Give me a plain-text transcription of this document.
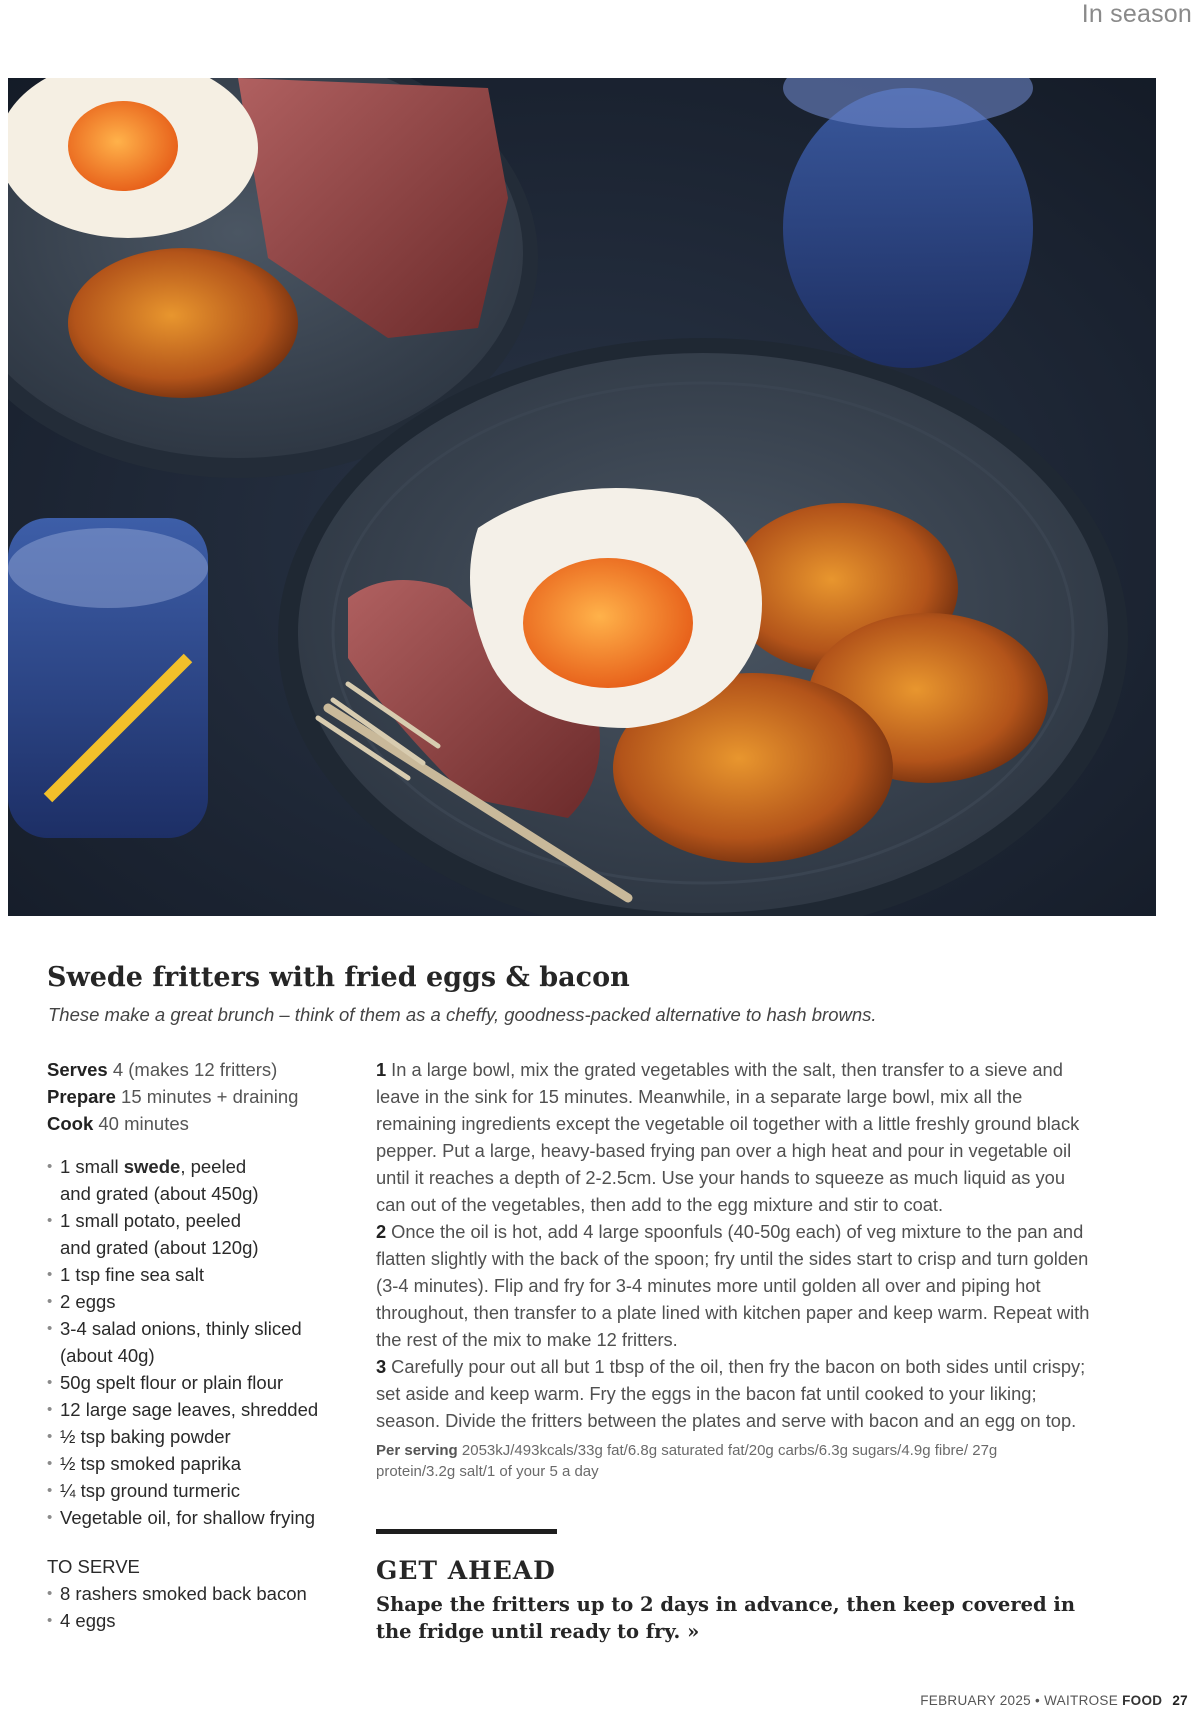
In season
Swede fritters with fried eggs & bacon
These make a great brunch – think of them as a cheffy, goodness-packed alternative to hash browns.
Serves 4 (makes 12 fritters)
Prepare 15 minutes + draining
Cook 40 minutes
• 1 small swede, peeled
and grated (about 450g)
• 1 small potato, peeled
and grated (about 120g)
• 1 tsp fine sea salt
• 2 eggs
• 3-4 salad onions, thinly sliced
(about 40g)
• 50g spelt flour or plain flour
• 12 large sage leaves, shredded
• ½ tsp baking powder
• ½ tsp smoked paprika
• ¼ tsp ground turmeric
• Vegetable oil, for shallow frying
TO SERVE
• 8 rashers smoked back bacon
• 4 eggs

1 In a large bowl, mix the grated vegetables with the salt, then transfer to a sieve and leave in the sink for 15 minutes. Meanwhile, in a separate large bowl, mix all the remaining ingredients except the vegetable oil together with a little freshly ground black pepper. Put a large, heavy-based frying pan over a high heat and pour in vegetable oil until it reaches a depth of 2-2.5cm. Use your hands to squeeze as much liquid as you can out of the vegetables, then add to the egg mixture and stir to coat.

2 Once the oil is hot, add 4 large spoonfuls (40-50g each) of veg mixture to the pan and flatten slightly with the back of the spoon; fry until the sides start to crisp and turn golden (3-4 minutes). Flip and fry for 3-4 minutes more until golden all over and piping hot throughout, then transfer to a plate lined with kitchen paper and keep warm. Repeat with the rest of the mix to make 12 fritters.

3 Carefully pour out all but 1 tbsp of the oil, then fry the bacon on both sides until crispy; set aside and keep warm. Fry the eggs in the bacon fat until cooked to your liking; season. Divide the fritters between the plates and serve with bacon and an egg on top.

Per serving 2053kJ/493kcals/33g fat/6.8g saturated fat/20g carbs/6.3g sugars/4.9g fibre/ 27g protein/3.2g salt/1 of your 5 a day
GET AHEAD
Shape the fritters up to 2 days in advance, then keep covered in the fridge until ready to fry. »
FEBRUARY 2025 • WAITROSE FOOD 27
